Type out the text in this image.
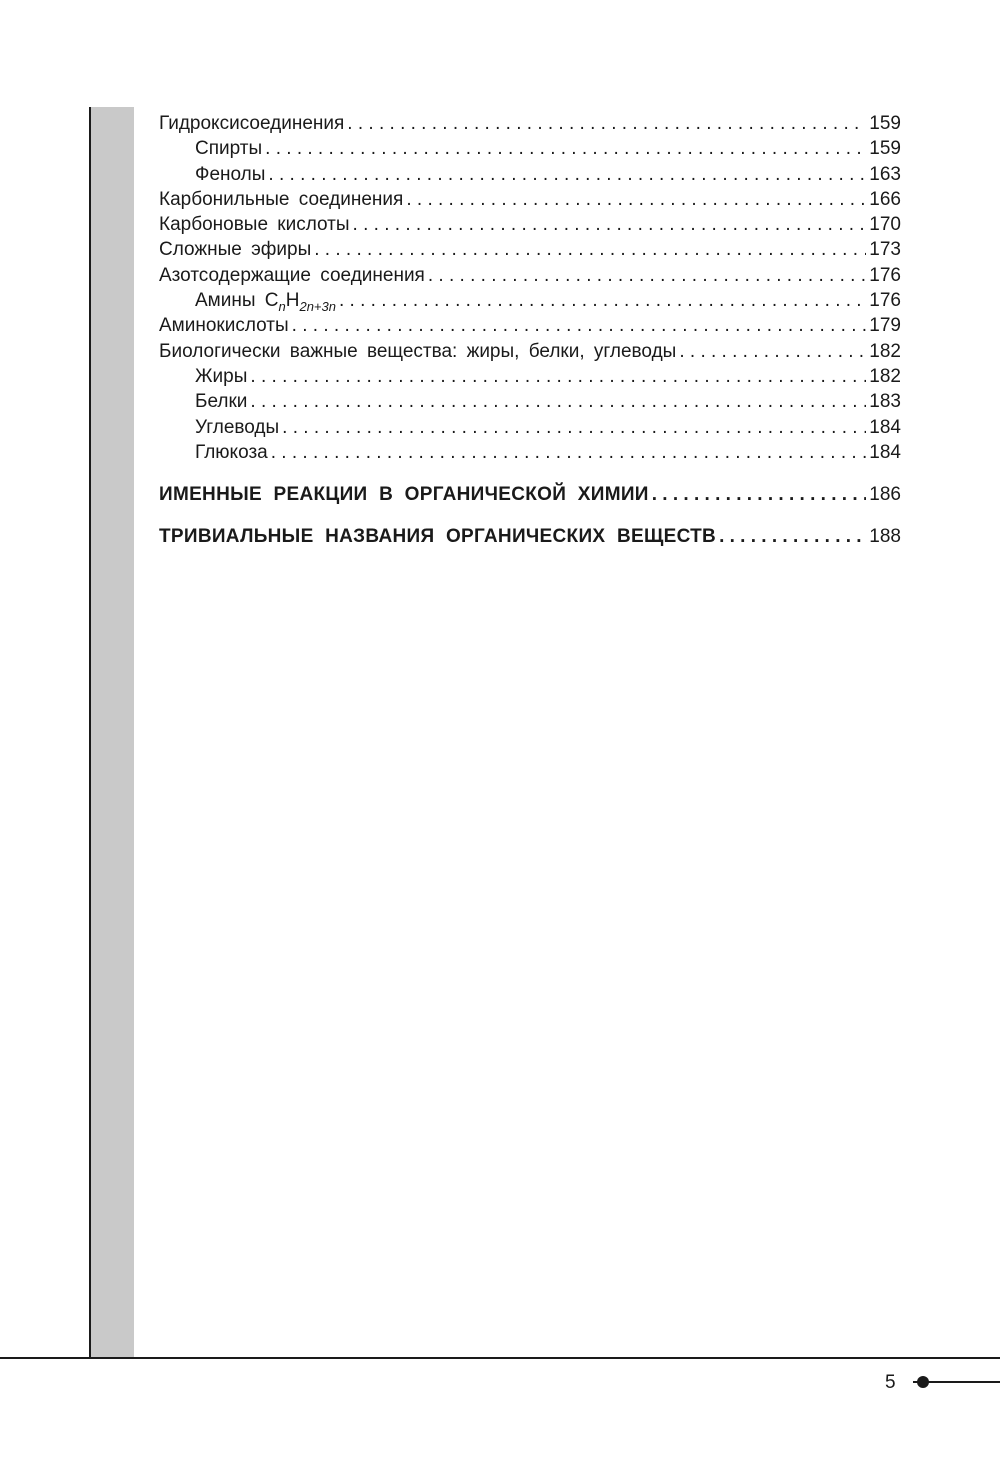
Гидроксисоединения . . .	159
Спирты . . .	159
Фенолы . . .	163
Карбонильные соединения . . .	166
Карбоновые кислоты . . .	170
Сложные эфиры . . .	173
Азотсодержащие соединения . . .	176
Амины $C_nH_{2n+3n}$ . . .	176
Аминокислоты . . .	179
Биологически важные вещества: жиры, белки, углеводы . . .	182
Жиры . . .	182
Белки . . .	183
Углеводы . . .	184
Глюкоза . . .	184
ИМЕННЫЕ РЕАКЦИИ В ОРГАНИЧЕСКОЙ ХИМИИ . . .	186
ТРИВИАЛЬНЫЕ НАЗВАНИЯ ОРГАНИЧЕСКИХ ВЕЩЕСТВ . . .	188
5
